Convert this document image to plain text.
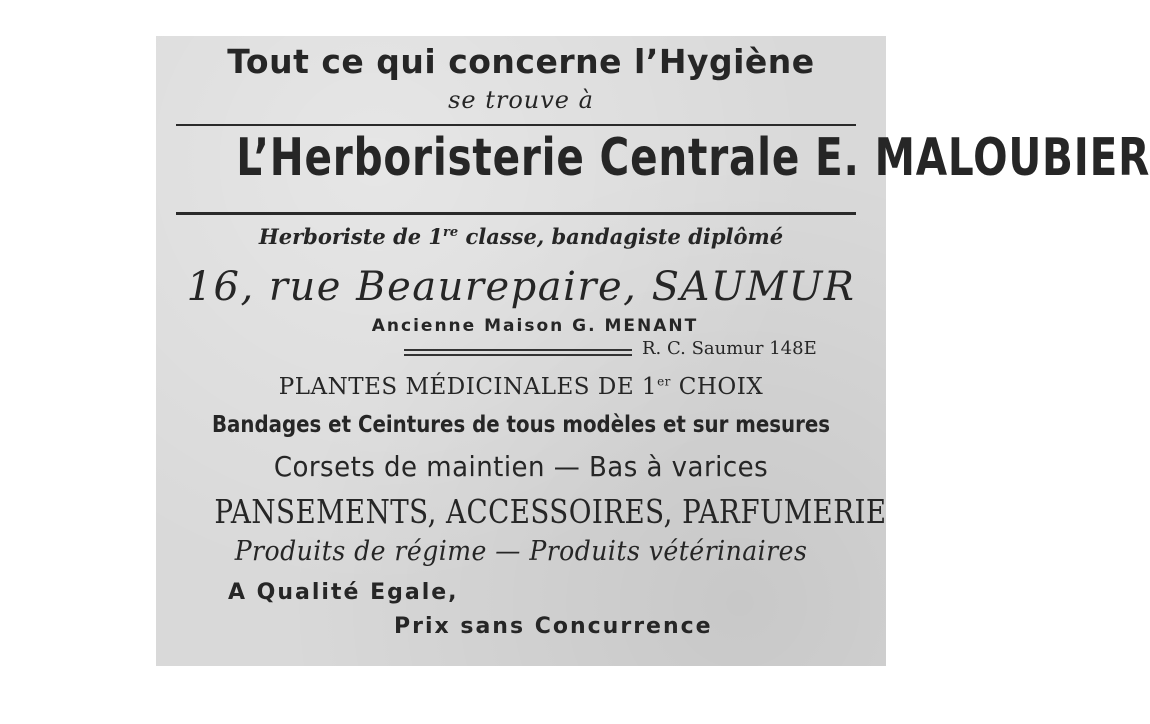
Tout ce qui concerne l’Hygiène
se trouve à
L’Herboristerie Centrale E. MALOUBIER
Herboriste de 1re classe, bandagiste diplômé
16, rue Beaurepaire, SAUMUR
Ancienne Maison G. MENANT
R. C. Saumur 148E
PLANTES MÉDICINALES DE 1er CHOIX
Bandages et Ceintures de tous modèles et sur mesures
Corsets de maintien — Bas à varices
PANSEMENTS, ACCESSOIRES, PARFUMERIE
Produits de régime — Produits vétérinaires
A Qualité Egale,
Prix sans Concurrence
